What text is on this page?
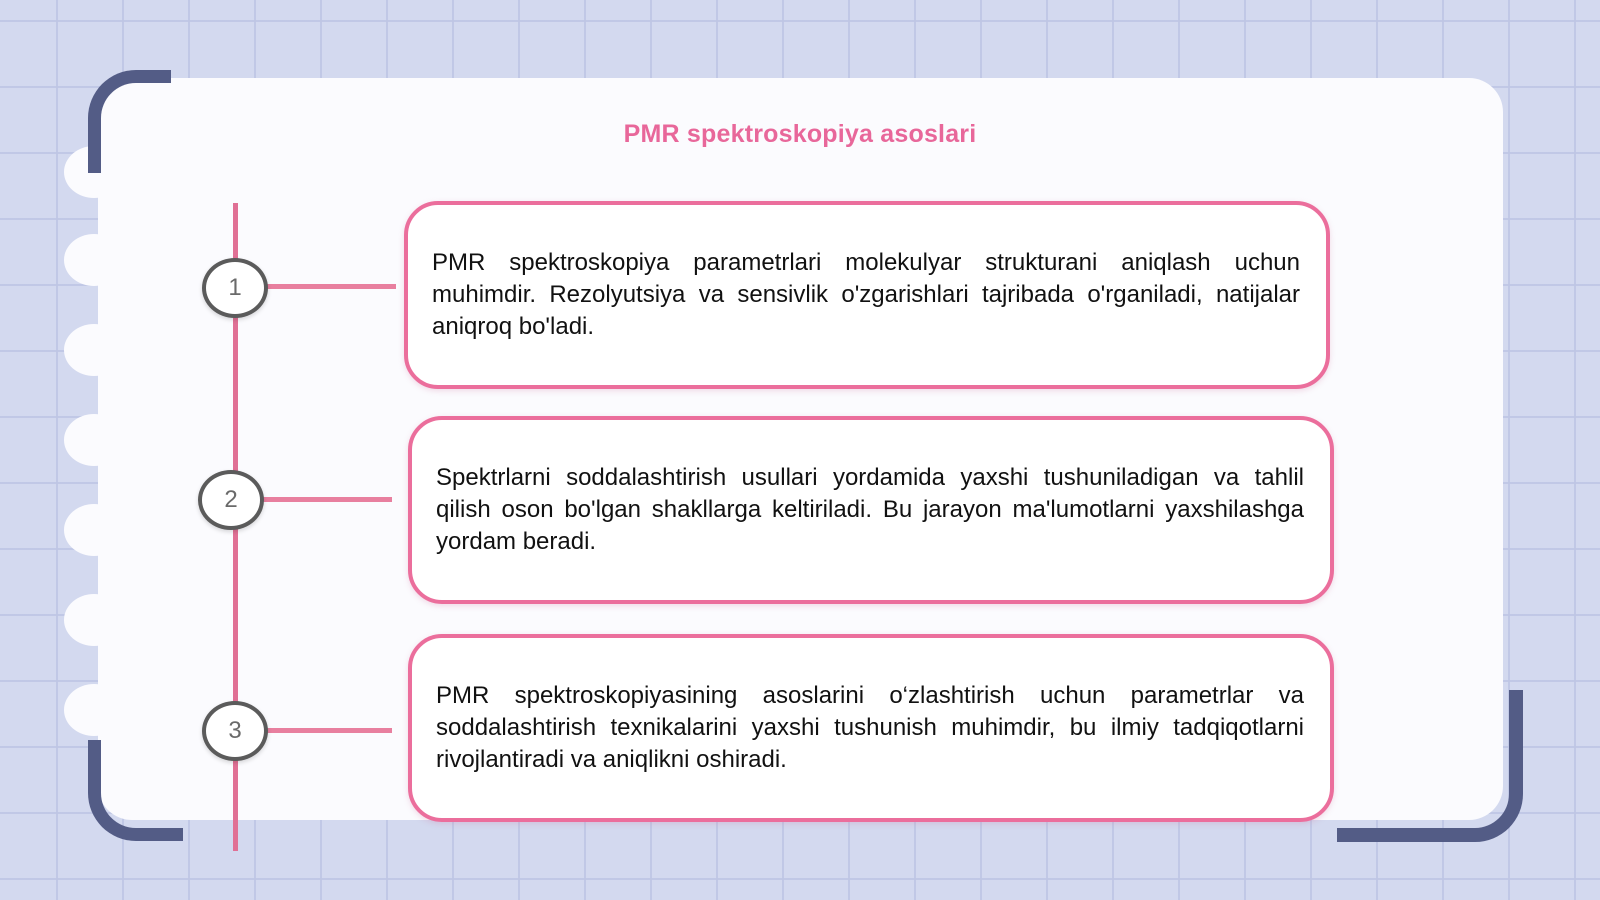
PMR spektroskopiya asoslari
1

PMR spektroskopiya parametrlari molekulyar strukturani aniqlash uchun muhimdir. Rezolyutsiya va sensivlik o'zgarishlari tajribada o'rganiladi, natijalar aniqroq bo'ladi.

2

Spektrlarni soddalashtirish usullari yordamida yaxshi tushuniladigan va tahlil qilish oson bo'lgan shakllarga keltiriladi. Bu jarayon ma'lumotlarni yaxshilashga yordam beradi.

3

PMR spektroskopiyasining asoslarini o‘zlashtirish uchun parametrlar va soddalashtirish texnikalarini yaxshi tushunish muhimdir, bu ilmiy tadqiqotlarni rivojlantiradi va aniqlikni oshiradi.
